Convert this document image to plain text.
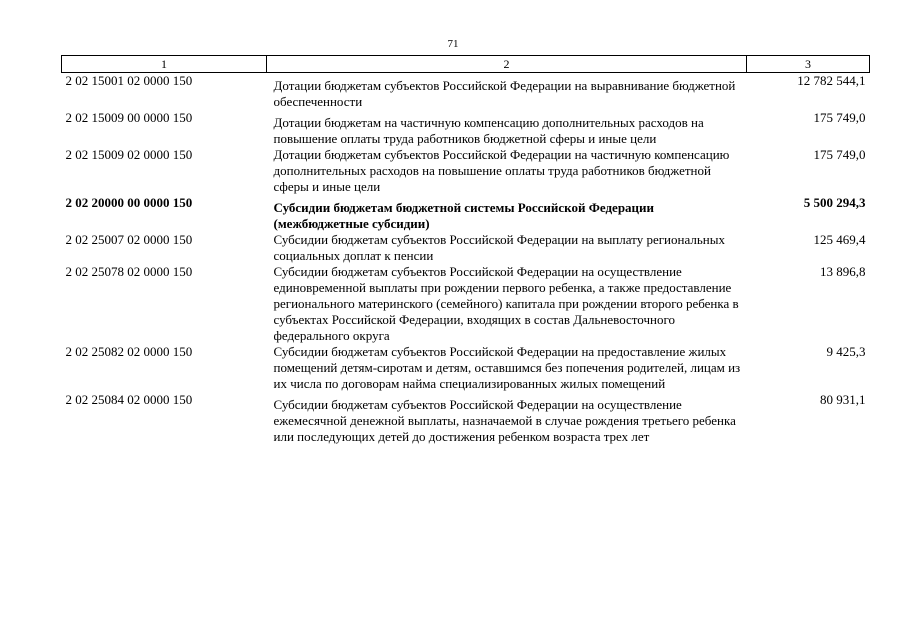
71
1	2	3
2 02 15001 02 0000 150	Дотации бюджетам субъектов Российской Федерации на выравнивание бюджетной обеспеченности	12 782 544,1
2 02 15009 00 0000 150	Дотации бюджетам на частичную компенсацию дополнительных расходов на повышение оплаты труда работников бюджетной сферы и иные цели	175 749,0
2 02 15009 02 0000 150	Дотации бюджетам субъектов Российской Федерации на частичную компенсацию дополнительных расходов на повышение оплаты труда работников бюджетной сферы и иные цели	175 749,0
2 02 20000 00 0000 150	Субсидии бюджетам бюджетной системы Российской Федерации (межбюджетные субсидии)	5 500 294,3
2 02 25007 02 0000 150	Субсидии бюджетам субъектов Российской Федерации на выплату региональных социальных доплат к пенсии	125 469,4
2 02 25078 02 0000 150	Субсидии бюджетам субъектов Российской Федерации на осуществление единовременной выплаты при рождении первого ребенка, а также предоставление регионального материнского (семейного) капитала при рождении второго ребенка в субъектах Российской Федерации, входящих в состав Дальневосточного федерального округа	13 896,8
2 02 25082 02 0000 150	Субсидии бюджетам субъектов Российской Федерации на предоставление жилых помещений детям-сиротам и детям, оставшимся без попечения родителей, лицам из их числа по договорам найма специализированных жилых помещений	9 425,3
2 02 25084 02 0000 150	Субсидии бюджетам субъектов Российской Федерации на осуществление ежемесячной денежной выплаты, назначаемой в случае рождения третьего ребенка или последующих детей до достижения ребенком возраста трех лет	80 931,1
